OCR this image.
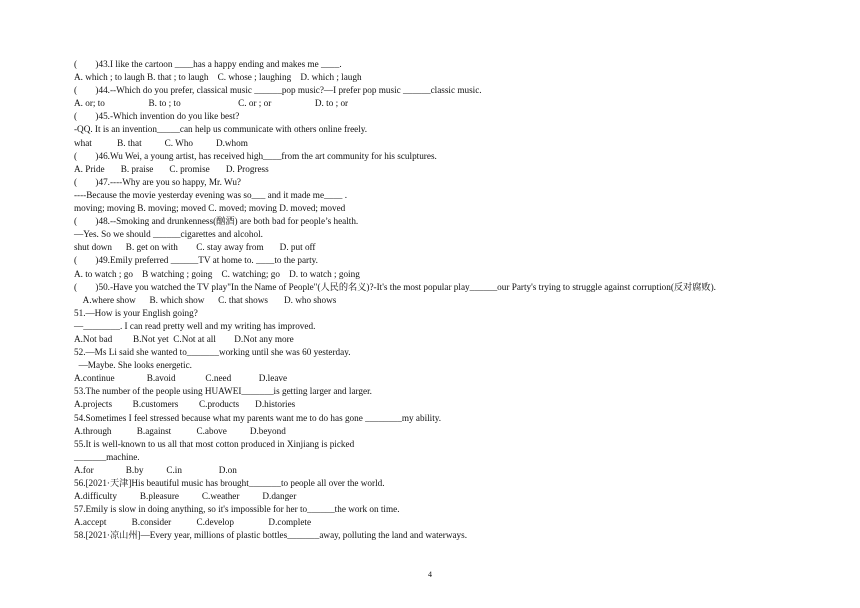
(        )43.I like the cartoon ____has a happy ending and makes me ____.
A. which ; to laugh B. that ; to laugh    C. whose ; laughing    D. which ; laugh
(        )44.--Which do you prefer, classical music ______pop music?—I prefer pop music ______classic music.
A. or; to                   B. to ; to                         C. or ; or                   D. to ; or
(        )45.-Which invention do you like best?
-QQ. It is an invention_____can help us communicate with others online freely.
what           B. that          C. Who          D.whom
(        )46.Wu Wei, a young artist, has received high____from the art community for his sculptures.
A. Pride       B. praise       C. promise       D. Progress
(        )47.----Why are you so happy, Mr. Wu?
----Because the movie yesterday evening was so___ and it made me____ .
moving; moving B. moving; moved C. moved; moving D. moved; moved
(        )48.--Smoking and drunkenness(酗酒) are both bad for people’s health.
—Yes. So we should ______cigarettes and alcohol.
shut down      B. get on with        C. stay away from       D. put off
(        )49.Emily preferred ______TV at home to. ____to the party.
A. to watch ; go    B watching ; going    C. watching; go    D. to watch ; going
(        )50.-Have you watched the TV play"In the Name of People"(人民的名义)?-It's the most popular play______our Party's trying to struggle against corruption(反对腐败).
A.where show      B. which show      C. that shows       D. who shows
51.—How is your English going?
—________. I can read pretty well and my writing has improved.
A.Not bad         B.Not yet  C.Not at all        D.Not any more
52.—Ms Li said she wanted to_______working until she was 60 yesterday.
—Maybe. She looks energetic.
A.continue              B.avoid             C.need            D.leave
53.The number of the people using HUAWEI_______is getting larger and larger.
A.projects         B.customers         C.products       D.histories
54.Sometimes I feel stressed because what my parents want me to do has gone ________my ability.
A.through           B.against           C.above          D.beyond
55.It is well-known to us all that most cotton produced in Xinjiang is picked
_______machine.
A.for              B.by          C.in                D.on
56.[2021·天津]His beautiful music has brought_______to people all over the world.
A.difficulty          B.pleasure          C.weather          D.danger
57.Emily is slow in doing anything, so it's impossible for her to______the work on time.
A.accept           B.consider           C.develop               D.complete
58.[2021·凉山州]—Every year, millions of plastic bottles_______away, polluting the land and waterways.
4
